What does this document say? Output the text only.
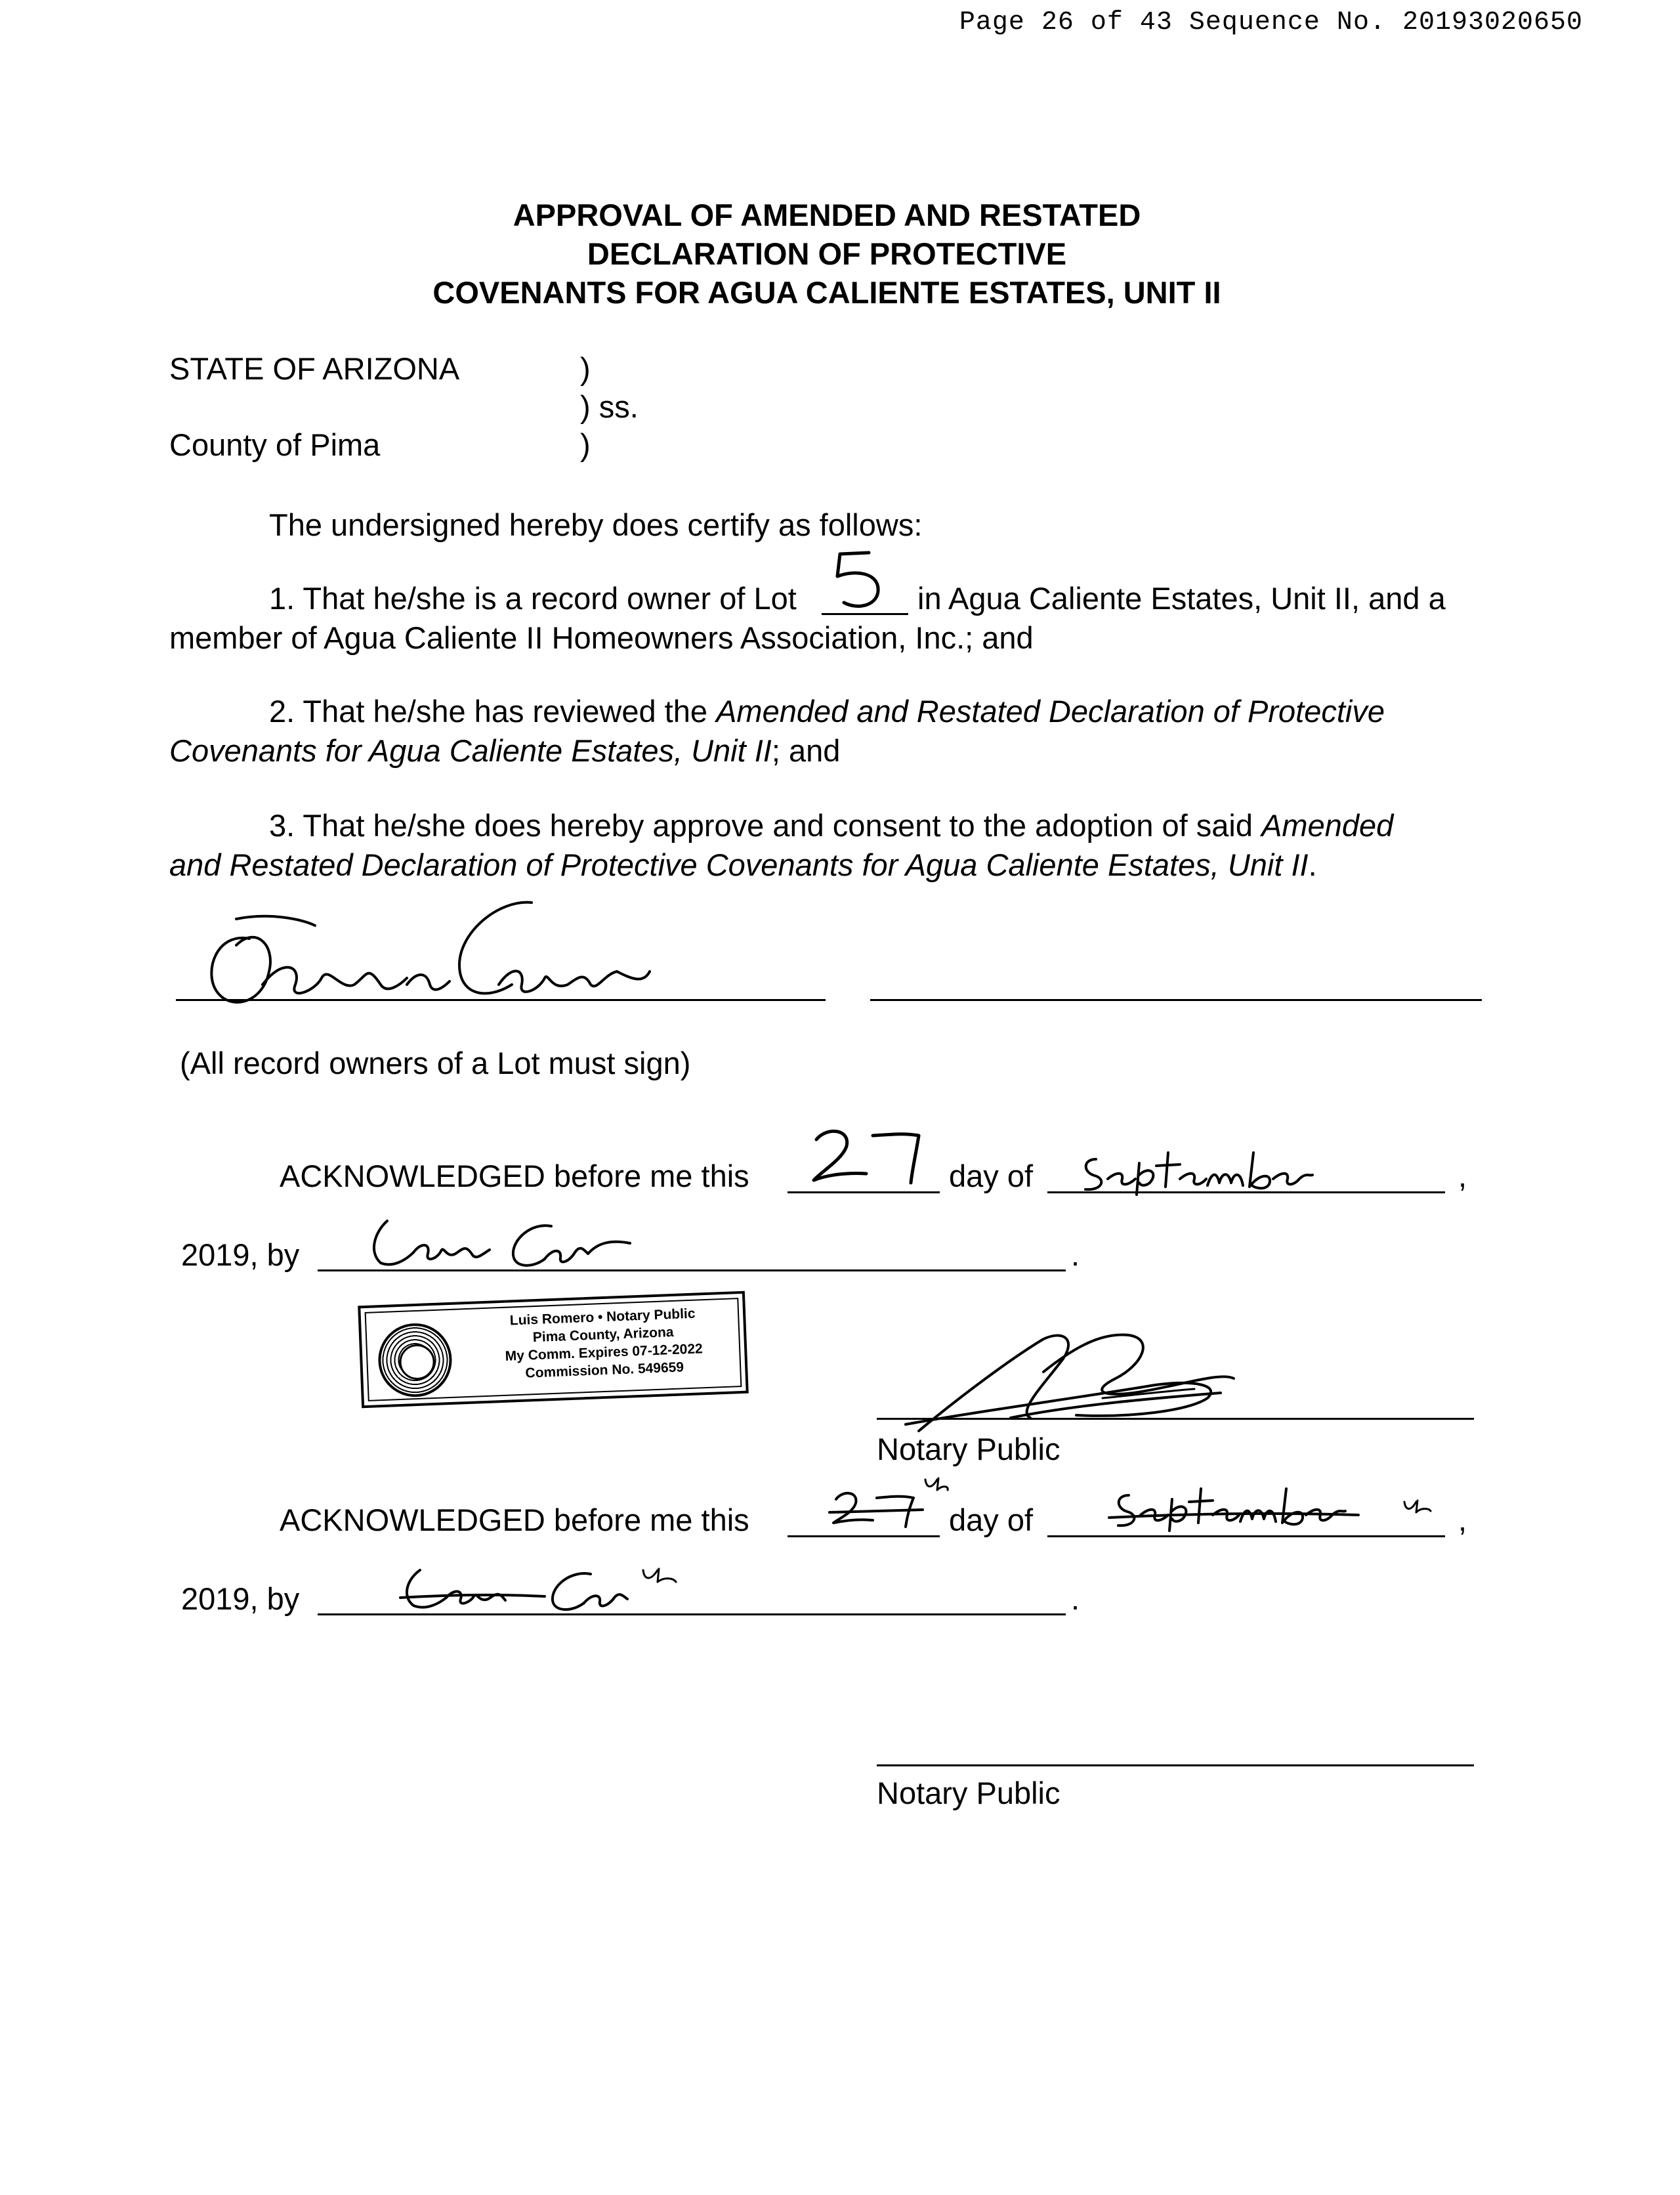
Page 26 of 43 Sequence No. 20193020650
APPROVAL OF AMENDED AND RESTATED
DECLARATION OF PROTECTIVE
COVENANTS FOR AGUA CALIENTE ESTATES, UNIT II
STATE OF ARIZONA	)
) ss.
County of Pima	)
The undersigned hereby does certify as follows:
1. That he/she is a record owner of Lot	in Agua Caliente Estates, Unit II, and a
member of Agua Caliente II Homeowners Association, Inc.; and
2. That he/she has reviewed the Amended and Restated Declaration of Protective
Covenants for Agua Caliente Estates, Unit II; and
3. That he/she does hereby approve and consent to the adoption of said Amended
and Restated Declaration of Protective Covenants for Agua Caliente Estates, Unit II.
(All record owners of a Lot must sign)
ACKNOWLEDGED before me this	day of	,
2019, by	.
Luis Romero • Notary Public
Pima County, Arizona
My Comm. Expires 07-12-2022
Commission No. 549659
Notary Public
ACKNOWLEDGED before me this	day of	,
2019, by	.
Notary Public
